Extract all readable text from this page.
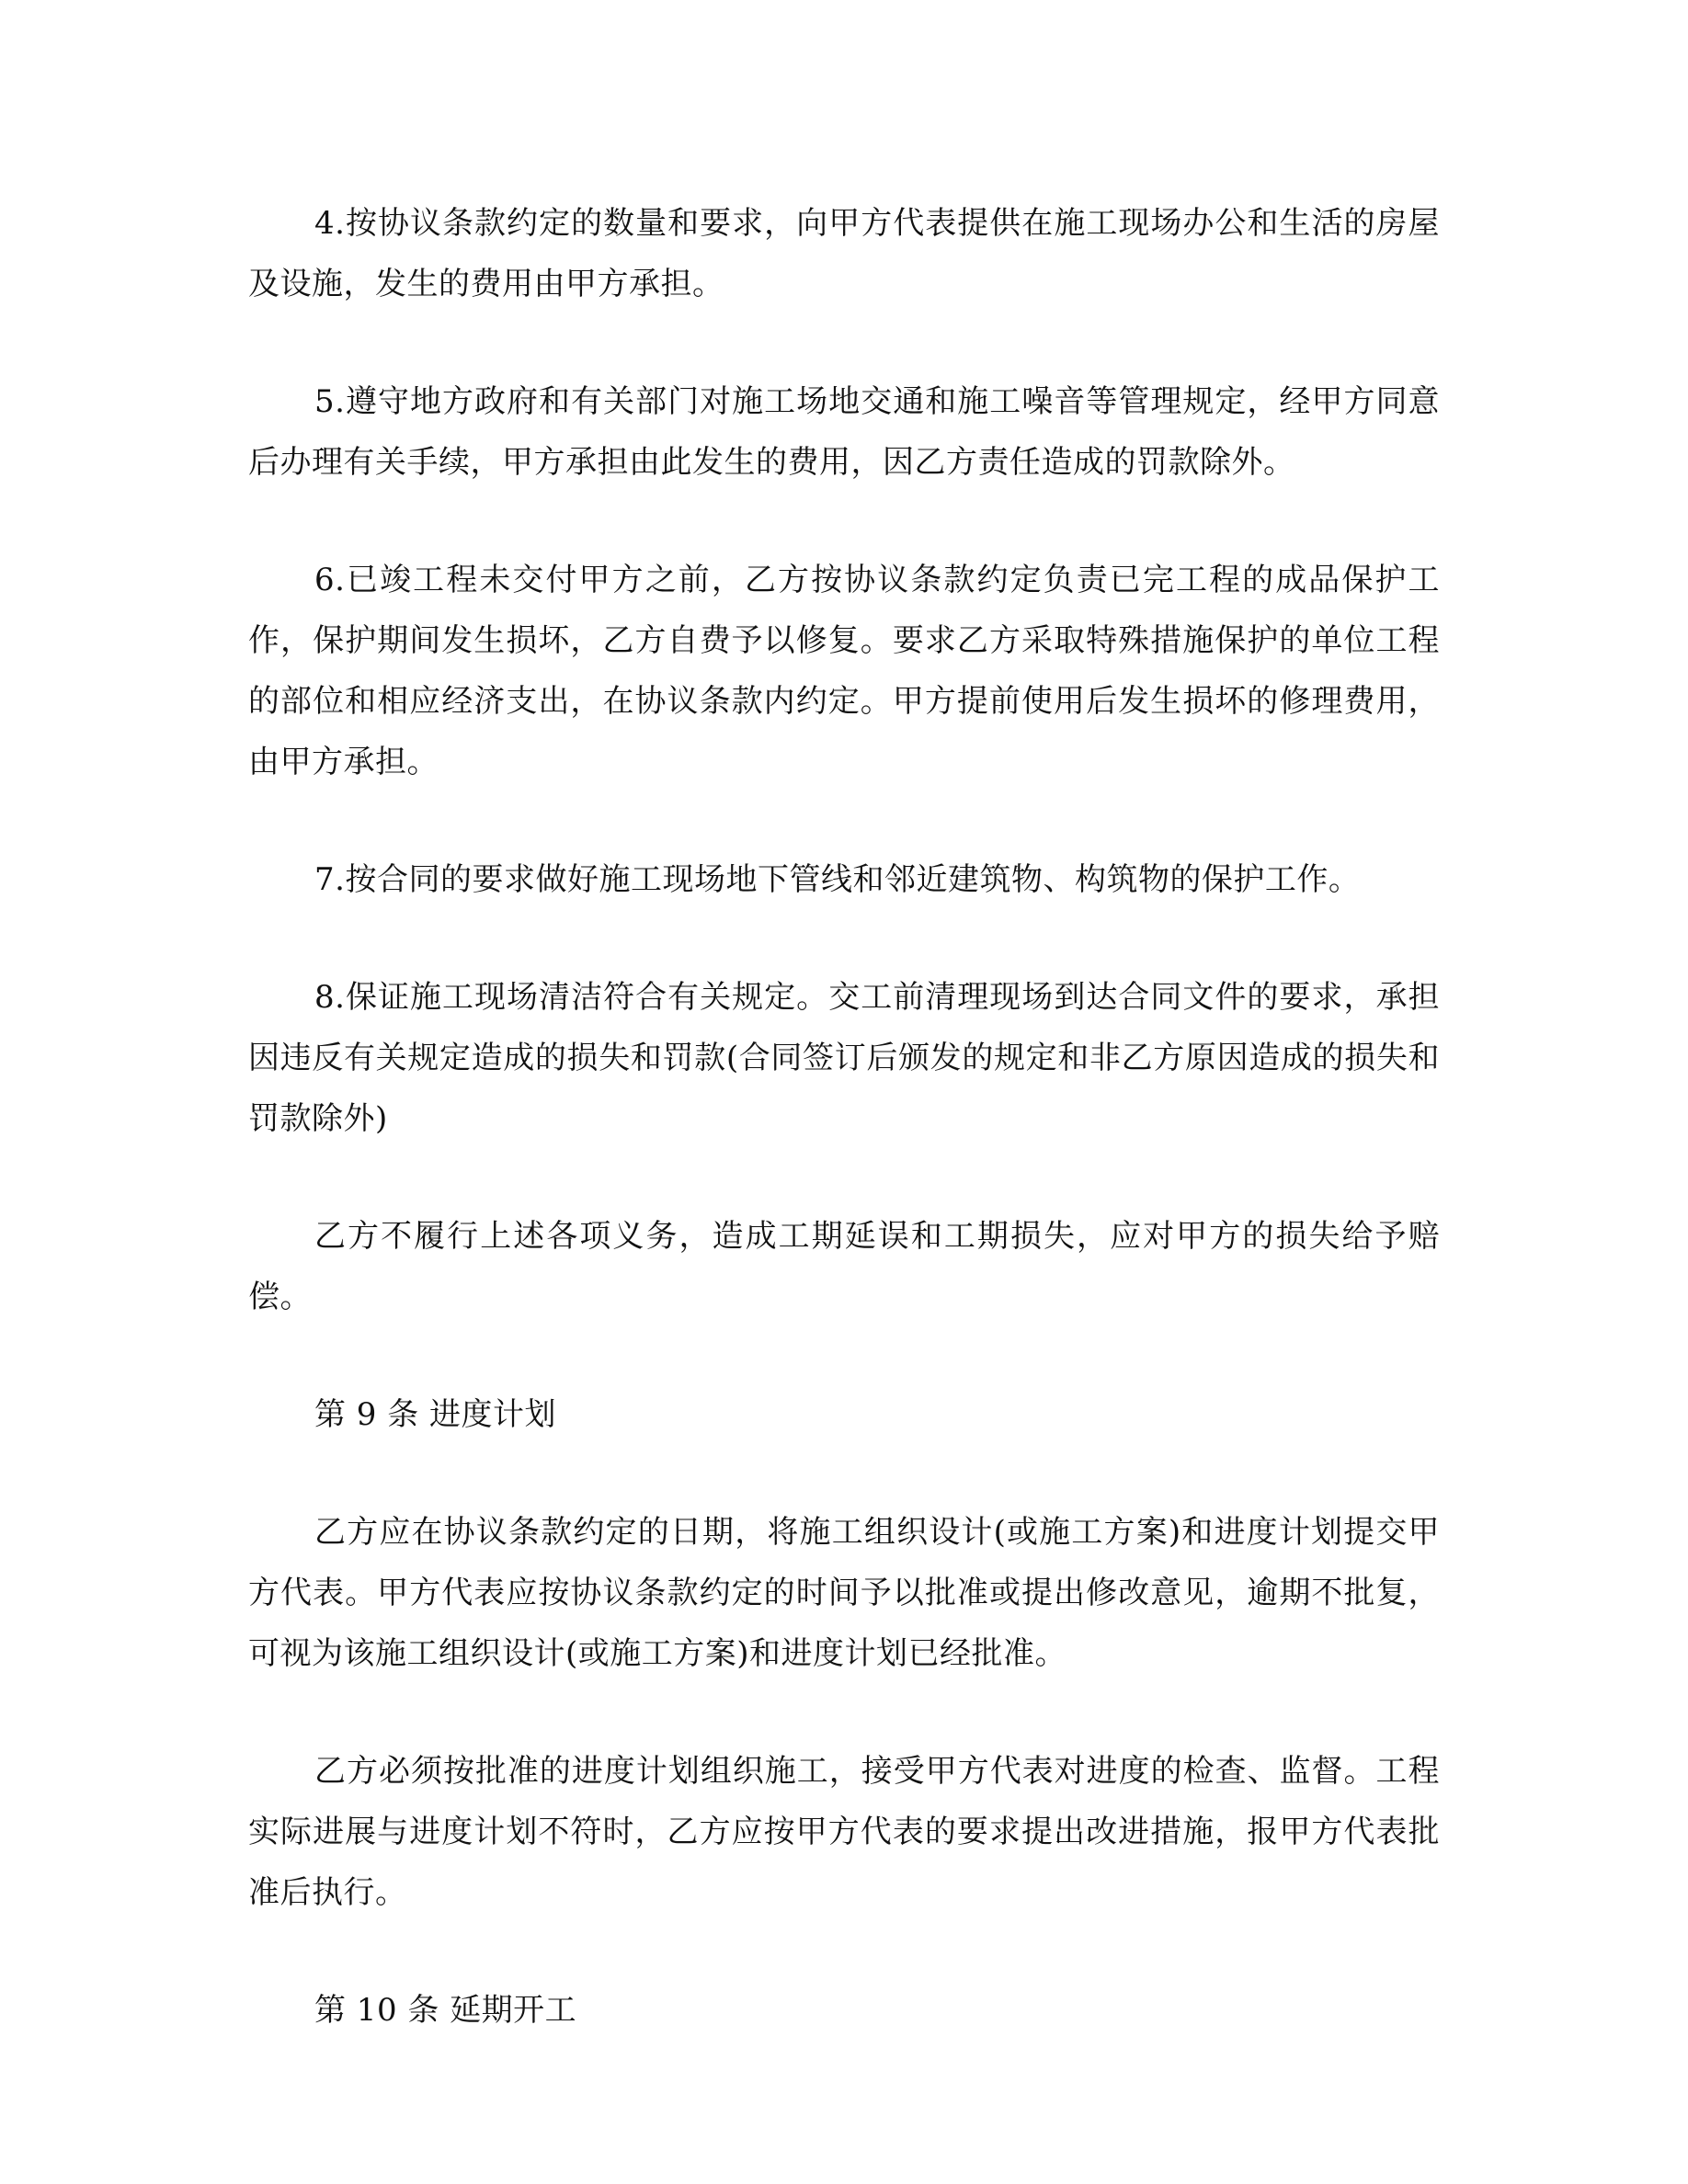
4.按协议条款约定的数量和要求，向甲方代表提供在施工现场办公和生活的房屋及设施，发生的费用由甲方承担。

5.遵守地方政府和有关部门对施工场地交通和施工噪音等管理规定，经甲方同意后办理有关手续，甲方承担由此发生的费用，因乙方责任造成的罚款除外。

6.已竣工程未交付甲方之前，乙方按协议条款约定负责已完工程的成品保护工作，保护期间发生损坏，乙方自费予以修复。要求乙方采取特殊措施保护的单位工程的部位和相应经济支出，在协议条款内约定。甲方提前使用后发生损坏的修理费用，由甲方承担。

7.按合同的要求做好施工现场地下管线和邻近建筑物、构筑物的保护工作。

8.保证施工现场清洁符合有关规定。交工前清理现场到达合同文件的要求，承担因违反有关规定造成的损失和罚款(合同签订后颁发的规定和非乙方原因造成的损失和罚款除外)

乙方不履行上述各项义务，造成工期延误和工期损失，应对甲方的损失给予赔偿。

第 9 条 进度计划

乙方应在协议条款约定的日期，将施工组织设计(或施工方案)和进度计划提交甲方代表。甲方代表应按协议条款约定的时间予以批准或提出修改意见，逾期不批复，可视为该施工组织设计(或施工方案)和进度计划已经批准。

乙方必须按批准的进度计划组织施工，接受甲方代表对进度的检查、监督。工程实际进展与进度计划不符时，乙方应按甲方代表的要求提出改进措施，报甲方代表批准后执行。

第 10 条 延期开工
